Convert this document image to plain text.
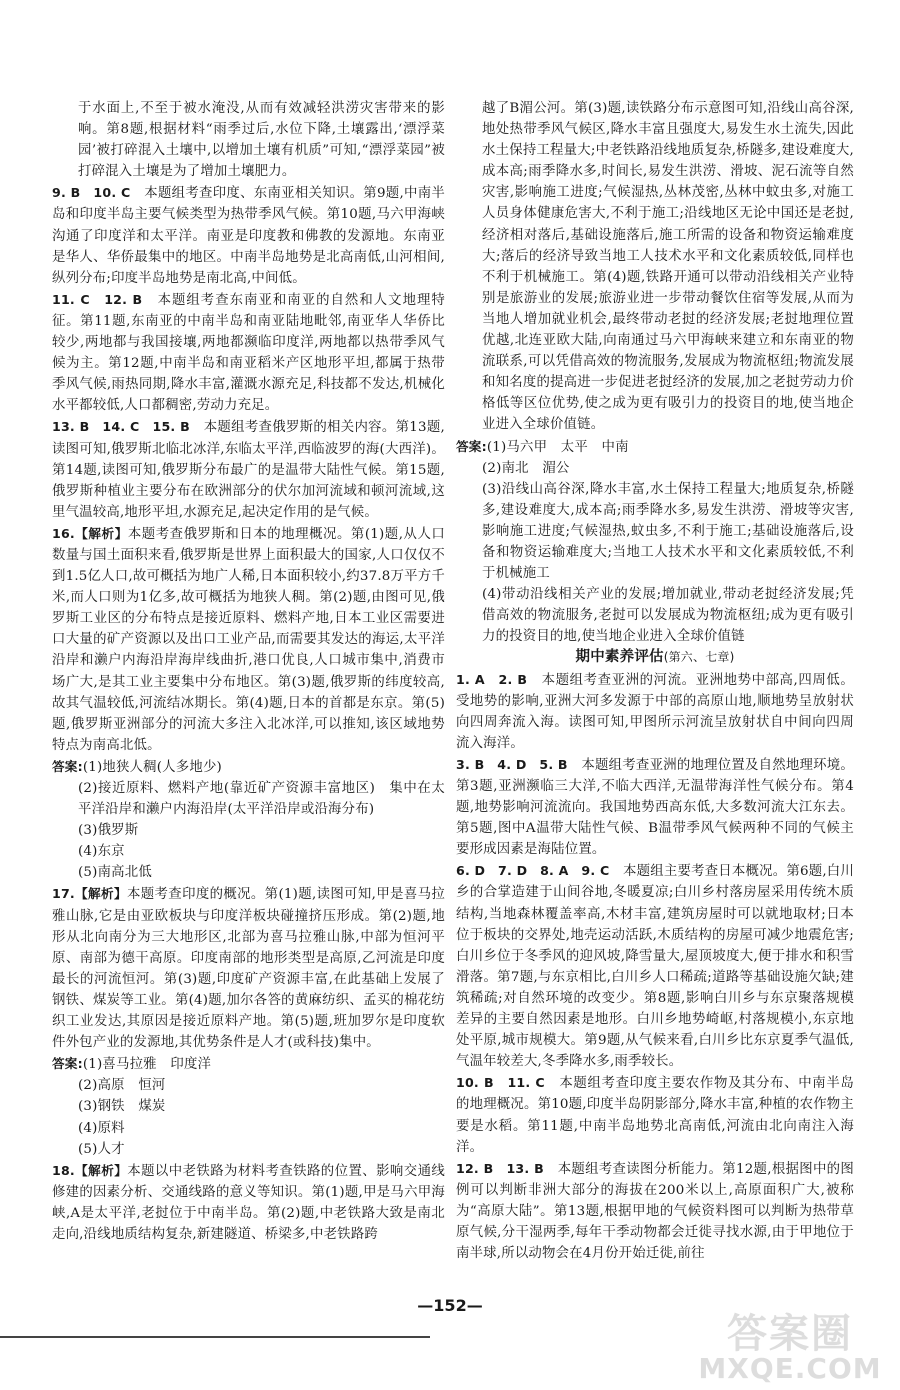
于水面上,不至于被水淹没,从而有效减轻洪涝灾害带来的影响。第8题,根据材料“雨季过后,水位下降,土壤露出,‘漂浮菜园’被打碎混入土壤中,以增加土壤有机质”可知,“漂浮菜园”被打碎混入土壤是为了增加土壤肥力。

9. B　10. C　本题组考查印度、东南亚相关知识。第9题,中南半岛和印度半岛主要气候类型为热带季风气候。第10题,马六甲海峡沟通了印度洋和太平洋。南亚是印度教和佛教的发源地。东南亚是华人、华侨最集中的地区。中南半岛地势是北高南低,山河相间,纵列分布;印度半岛地势是南北高,中间低。

11. C　12. B　本题组考查东南亚和南亚的自然和人文地理特征。第11题,东南亚的中南半岛和南亚陆地毗邻,南亚华人华侨比较少,两地都与我国接壤,两地都濒临印度洋,两地都以热带季风气候为主。第12题,中南半岛和南亚稻米产区地形平坦,都属于热带季风气候,雨热同期,降水丰富,灌溉水源充足,科技都不发达,机械化水平都较低,人口都稠密,劳动力充足。

13. B　14. C　15. B　本题组考查俄罗斯的相关内容。第13题,读图可知,俄罗斯北临北冰洋,东临太平洋,西临波罗的海(大西洋)。第14题,读图可知,俄罗斯分布最广的是温带大陆性气候。第15题,俄罗斯种植业主要分布在欧洲部分的伏尔加河流域和顿河流域,这里气温较高,地形平坦,水源充足,起决定作用的是气候。

16.【解析】本题考查俄罗斯和日本的地理概况。第(1)题,从人口数量与国土面积来看,俄罗斯是世界上面积最大的国家,人口仅仅不到1.5亿人口,故可概括为地广人稀,日本面积较小,约37.8万平方千米,而人口则为1亿多,故可概括为地狭人稠。第(2)题,由图可见,俄罗斯工业区的分布特点是接近原料、燃料产地,日本工业区需要进口大量的矿产资源以及出口工业产品,而需要其发达的海运,太平洋沿岸和濑户内海沿岸海岸线曲折,港口优良,人口城市集中,消费市场广大,是其工业主要集中分布地区。第(3)题,俄罗斯的纬度较高,故其气温较低,河流结冰期长。第(4)题,日本的首都是东京。第(5)题,俄罗斯亚洲部分的河流大多注入北冰洋,可以推知,该区域地势特点为南高北低。

答案:(1)地狭人稠(人多地少)

(2)接近原料、燃料产地(靠近矿产资源丰富地区)　集中在太平洋沿岸和濑户内海沿岸(太平洋沿岸或沿海分布)

(3)俄罗斯

(4)东京

(5)南高北低

17.【解析】本题考查印度的概况。第(1)题,读图可知,甲是喜马拉雅山脉,它是由亚欧板块与印度洋板块碰撞挤压形成。第(2)题,地形从北向南分为三大地形区,北部为喜马拉雅山脉,中部为恒河平原、南部为德干高原。印度南部的地形类型是高原,乙河流是印度最长的河流恒河。第(3)题,印度矿产资源丰富,在此基础上发展了钢铁、煤炭等工业。第(4)题,加尔各答的黄麻纺织、孟买的棉花纺织工业发达,其原因是接近原料产地。第(5)题,班加罗尔是印度软件外包产业的发源地,其优势条件是人才(或科技)集中。

答案:(1)喜马拉雅　印度洋

(2)高原　恒河

(3)钢铁　煤炭

(4)原料

(5)人才

18.【解析】本题以中老铁路为材料考查铁路的位置、影响交通线修建的因素分析、交通线路的意义等知识。第(1)题,甲是马六甲海峡,A是太平洋,老挝位于中南半岛。第(2)题,中老铁路大致是南北走向,沿线地质结构复杂,新建隧道、桥梁多,中老铁路跨

越了B湄公河。第(3)题,读铁路分布示意图可知,沿线山高谷深,地处热带季风气候区,降水丰富且强度大,易发生水土流失,因此水土保持工程量大;中老铁路沿线地质复杂,桥隧多,建设难度大,成本高;雨季降水多,时间长,易发生洪涝、滑坡、泥石流等自然灾害,影响施工进度;气候湿热,丛林茂密,丛林中蚊虫多,对施工人员身体健康危害大,不利于施工;沿线地区无论中国还是老挝,经济相对落后,基础设施落后,施工所需的设备和物资运输难度大;落后的经济导致当地工人技术水平和文化素质较低,同样也不利于机械施工。第(4)题,铁路开通可以带动沿线相关产业特别是旅游业的发展;旅游业进一步带动餐饮住宿等发展,从而为当地人增加就业机会,最终带动老挝的经济发展;老挝地理位置优越,北连亚欧大陆,向南通过马六甲海峡来建立和东南亚的物流联系,可以凭借高效的物流服务,发展成为物流枢纽;物流发展和知名度的提高进一步促进老挝经济的发展,加之老挝劳动力价格低等区位优势,使之成为更有吸引力的投资目的地,使当地企业进入全球价值链。

答案:(1)马六甲　太平　中南

(2)南北　湄公

(3)沿线山高谷深,降水丰富,水土保持工程量大;地质复杂,桥隧多,建设难度大,成本高;雨季降水多,易发生洪涝、滑坡等灾害,影响施工进度;气候湿热,蚊虫多,不利于施工;基础设施落后,设备和物资运输难度大;当地工人技术水平和文化素质较低,不利于机械施工

(4)带动沿线相关产业的发展;增加就业,带动老挝经济发展;凭借高效的物流服务,老挝可以发展成为物流枢纽;成为更有吸引力的投资目的地,使当地企业进入全球价值链

期中素养评估(第六、七章)

1. A　2. B　本题组考查亚洲的河流。亚洲地势中部高,四周低。受地势的影响,亚洲大河多发源于中部的高原山地,顺地势呈放射状向四周奔流入海。读图可知,甲图所示河流呈放射状自中间向四周流入海洋。

3. B　4. D　5. B　本题组考查亚洲的地理位置及自然地理环境。第3题,亚洲濒临三大洋,不临大西洋,无温带海洋性气候分布。第4题,地势影响河流流向。我国地势西高东低,大多数河流大江东去。第5题,图中A温带大陆性气候、B温带季风气候两种不同的气候主要形成因素是海陆位置。

6. D　7. D　8. A　9. C　本题组主要考查日本概况。第6题,白川乡的合掌造建于山间谷地,冬暖夏凉;白川乡村落房屋采用传统木质结构,当地森林覆盖率高,木材丰富,建筑房屋时可以就地取材;日本位于板块的交界处,地壳运动活跃,木质结构的房屋可减少地震危害;白川乡位于冬季风的迎风坡,降雪量大,屋顶坡度大,便于排水和积雪滑落。第7题,与东京相比,白川乡人口稀疏;道路等基础设施欠缺;建筑稀疏;对自然环境的改变少。第8题,影响白川乡与东京聚落规模差异的主要自然因素是地形。白川乡地势崎岖,村落规模小,东京地处平原,城市规模大。第9题,从气候来看,白川乡比东京夏季气温低,气温年较差大,冬季降水多,雨季较长。

10. B　11. C　本题组考查印度主要农作物及其分布、中南半岛的地理概况。第10题,印度半岛阴影部分,降水丰富,种植的农作物主要是水稻。第11题,中南半岛地势北高南低,河流由北向南注入海洋。

12. B　13. B　本题组考查读图分析能力。第12题,根据图中的图例可以判断非洲大部分的海拔在200米以上,高原面积广大,被称为“高原大陆”。第13题,根据甲地的气候资料图可以判断为热带草原气候,分干湿两季,每年干季动物都会迁徙寻找水源,由于甲地位于南半球,所以动物会在4月份开始迁徙,前往

—152—
答案圈
MXQE.COM
